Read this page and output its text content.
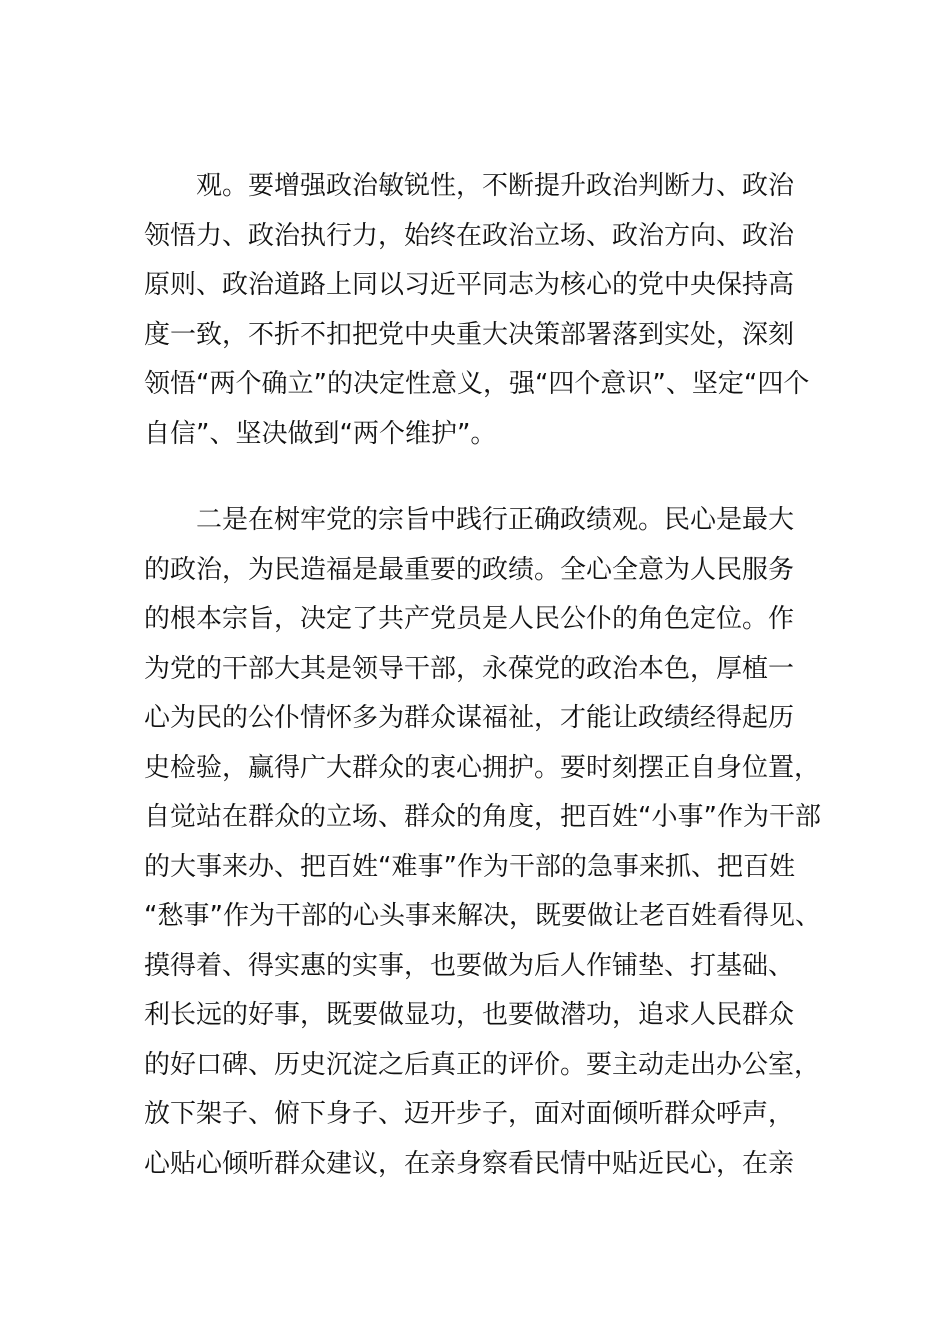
　　观。要增强政治敏锐性，不断提升政治判断力、政治
领悟力、政治执行力，始终在政治立场、政治方向、政治
原则、政治道路上同以习近平同志为核心的党中央保持高
度一致，不折不扣把党中央重大决策部署落到实处，深刻
领悟“两个确立”的决定性意义，强“四个意识”、坚定“四个
自信”、坚决做到“两个维护”。
　　二是在树牢党的宗旨中践行正确政绩观。民心是最大
的政治，为民造福是最重要的政绩。全心全意为人民服务
的根本宗旨，决定了共产党员是人民公仆的角色定位。作
为党的干部大其是领导干部，永葆党的政治本色，厚植一
心为民的公仆情怀多为群众谋福祉，才能让政绩经得起历
史检验，赢得广大群众的衷心拥护。要时刻摆正自身位置，
自觉站在群众的立场、群众的角度，把百姓“小事”作为干部
的大事来办、把百姓“难事”作为干部的急事来抓、把百姓
“愁事”作为干部的心头事来解决，既要做让老百姓看得见、
摸得着、得实惠的实事，也要做为后人作铺垫、打基础、
利长远的好事，既要做显功，也要做潜功，追求人民群众
的好口碑、历史沉淀之后真正的评价。要主动走出办公室，
放下架子、俯下身子、迈开步子，面对面倾听群众呼声，
心贴心倾听群众建议，在亲身察看民情中贴近民心，在亲
